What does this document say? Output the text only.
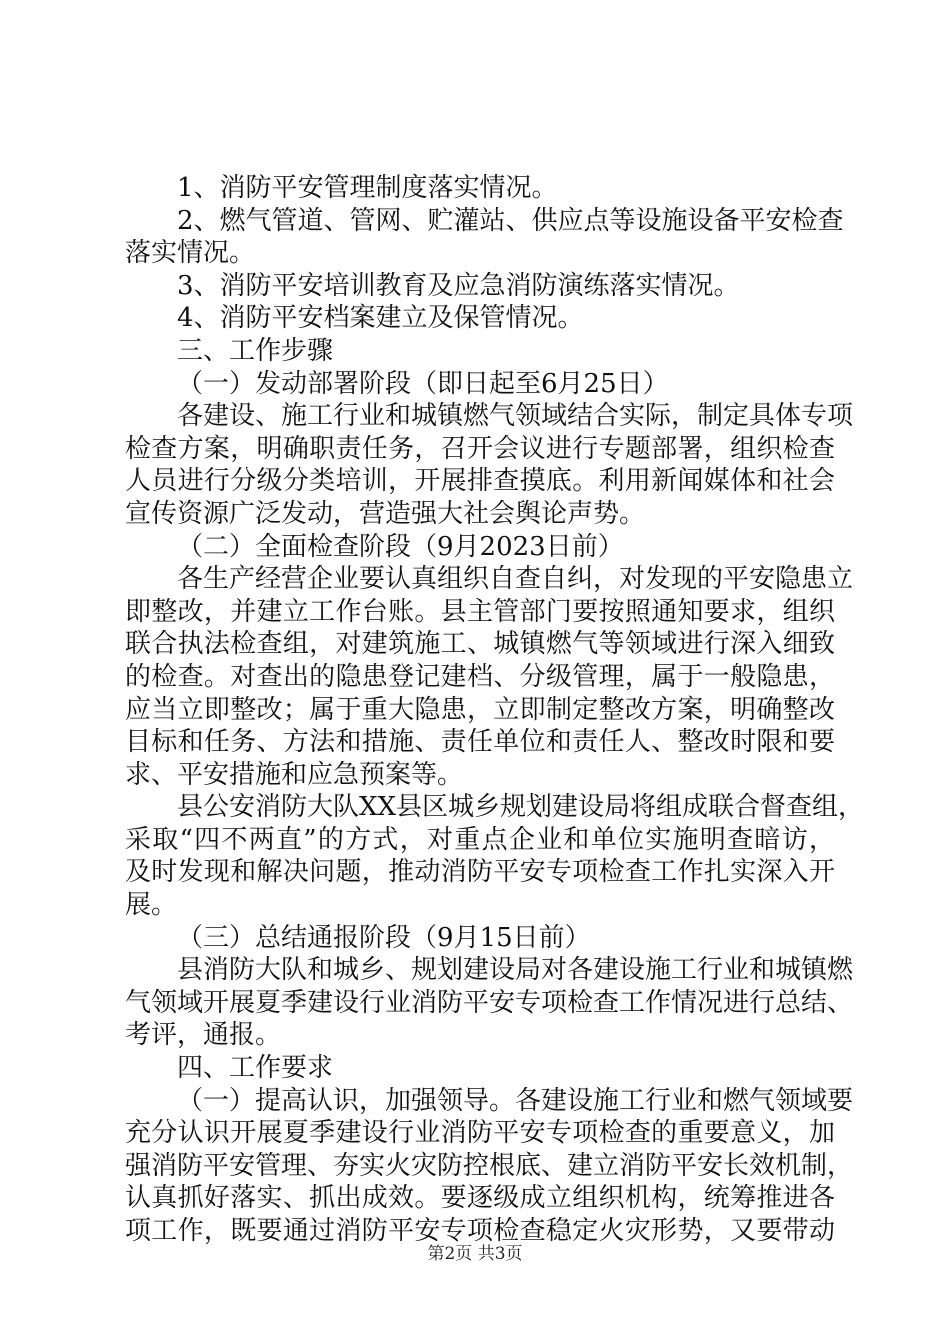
1、消防平安管理制度落实情况。
2、燃气管道、管网、贮灌站、供应点等设施设备平安检查
落实情况。
3、消防平安培训教育及应急消防演练落实情况。
4、消防平安档案建立及保管情况。
三、工作步骤
（一）发动部署阶段（即日起至6月25日）
各建设、施工行业和城镇燃气领域结合实际，制定具体专项
检查方案，明确职责任务，召开会议进行专题部署，组织检查
人员进行分级分类培训，开展排查摸底。利用新闻媒体和社会
宣传资源广泛发动，营造强大社会舆论声势。
（二）全面检查阶段（9月2023日前）
各生产经营企业要认真组织自查自纠，对发现的平安隐患立
即整改，并建立工作台账。县主管部门要按照通知要求，组织
联合执法检查组，对建筑施工、城镇燃气等领域进行深入细致
的检查。对查出的隐患登记建档、分级管理，属于一般隐患，
应当立即整改；属于重大隐患，立即制定整改方案，明确整改
目标和任务、方法和措施、责任单位和责任人、整改时限和要
求、平安措施和应急预案等。
县公安消防大队XX县区城乡规划建设局将组成联合督查组，
采取“四不两直”的方式，对重点企业和单位实施明查暗访，
及时发现和解决问题，推动消防平安专项检查工作扎实深入开
展。
（三）总结通报阶段（9月15日前）
县消防大队和城乡、规划建设局对各建设施工行业和城镇燃
气领域开展夏季建设行业消防平安专项检查工作情况进行总结、
考评，通报。
四、工作要求
（一）提高认识，加强领导。各建设施工行业和燃气领域要
充分认识开展夏季建设行业消防平安专项检查的重要意义，加
强消防平安管理、夯实火灾防控根底、建立消防平安长效机制，
认真抓好落实、抓出成效。要逐级成立组织机构，统筹推进各
项工作，既要通过消防平安专项检查稳定火灾形势，又要带动
第2页 共3页
